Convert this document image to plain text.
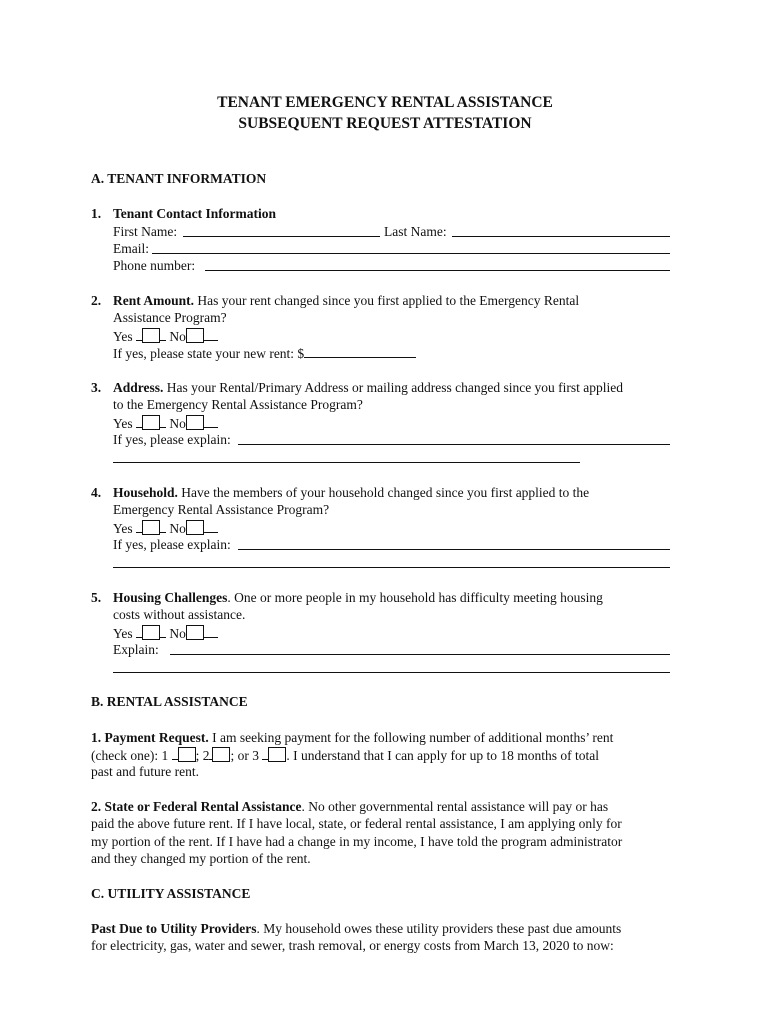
TENANT EMERGENCY RENTAL ASSISTANCE
SUBSEQUENT REQUEST ATTESTATION
A. TENANT INFORMATION
1. Tenant Contact Information
First Name:	Last Name:
Email:
Phone number:
2. Rent Amount. Has your rent changed since you first applied to the Emergency Rental
Assistance Program?
Yes  No
If yes, please state your new rent: $
3. Address. Has your Rental/Primary Address or mailing address changed since you first applied
to the Emergency Rental Assistance Program?
Yes  No
If yes, please explain:
4. Household. Have the members of your household changed since you first applied to the
Emergency Rental Assistance Program?
Yes  No
If yes, please explain:
5. Housing Challenges. One or more people in my household has difficulty meeting housing
costs without assistance.
Yes  No
Explain:
B. RENTAL ASSISTANCE
1. Payment Request. I am seeking payment for the following number of additional months’ rent
(check one): 1 ; 2 ; or 3 . I understand that I can apply for up to 18 months of total
past and future rent.
2. State or Federal Rental Assistance. No other governmental rental assistance will pay or has
paid the above future rent. If I have local, state, or federal rental assistance, I am applying only for
my portion of the rent. If I have had a change in my income, I have told the program administrator
and they changed my portion of the rent.
C. UTILITY ASSISTANCE
Past Due to Utility Providers. My household owes these utility providers these past due amounts
for electricity, gas, water and sewer, trash removal, or energy costs from March 13, 2020 to now:
